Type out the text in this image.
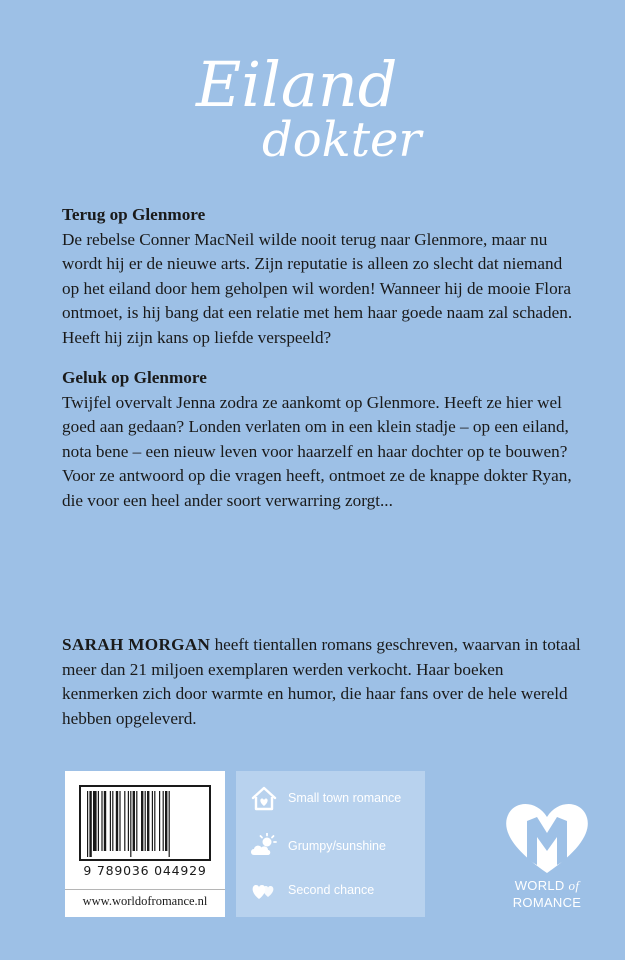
Eiland
dokter
Terug op Glenmore

De rebelse Conner MacNeil wilde nooit terug naar Glenmore, maar nu wordt hij er de nieuwe arts. Zijn reputatie is alleen zo slecht dat niemand op het eiland door hem geholpen wil worden! Wanneer hij de mooie Flora ontmoet, is hij bang dat een relatie met hem haar goede naam zal schaden. Heeft hij zijn kans op liefde verspeeld?

Geluk op Glenmore

Twijfel overvalt Jenna zodra ze aankomt op Glenmore. Heeft ze hier wel goed aan gedaan? Londen verlaten om in een klein stadje – op een eiland, nota bene – een nieuw leven voor haarzelf en haar dochter op te bouwen? Voor ze antwoord op die vragen heeft, ontmoet ze de knappe dokter Ryan, die voor een heel ander soort verwarring zorgt...

SARAH MORGAN heeft tientallen romans geschreven, waarvan in totaal meer dan 21 miljoen exemplaren werden verkocht. Haar boeken kenmerken zich door warmte en humor, die haar fans over de hele wereld hebben opgeleverd.

9 789036 044929
www.worldofromance.nl
Small town romance
Grumpy/sunshine
Second chance	WORLD of
ROMANCE
